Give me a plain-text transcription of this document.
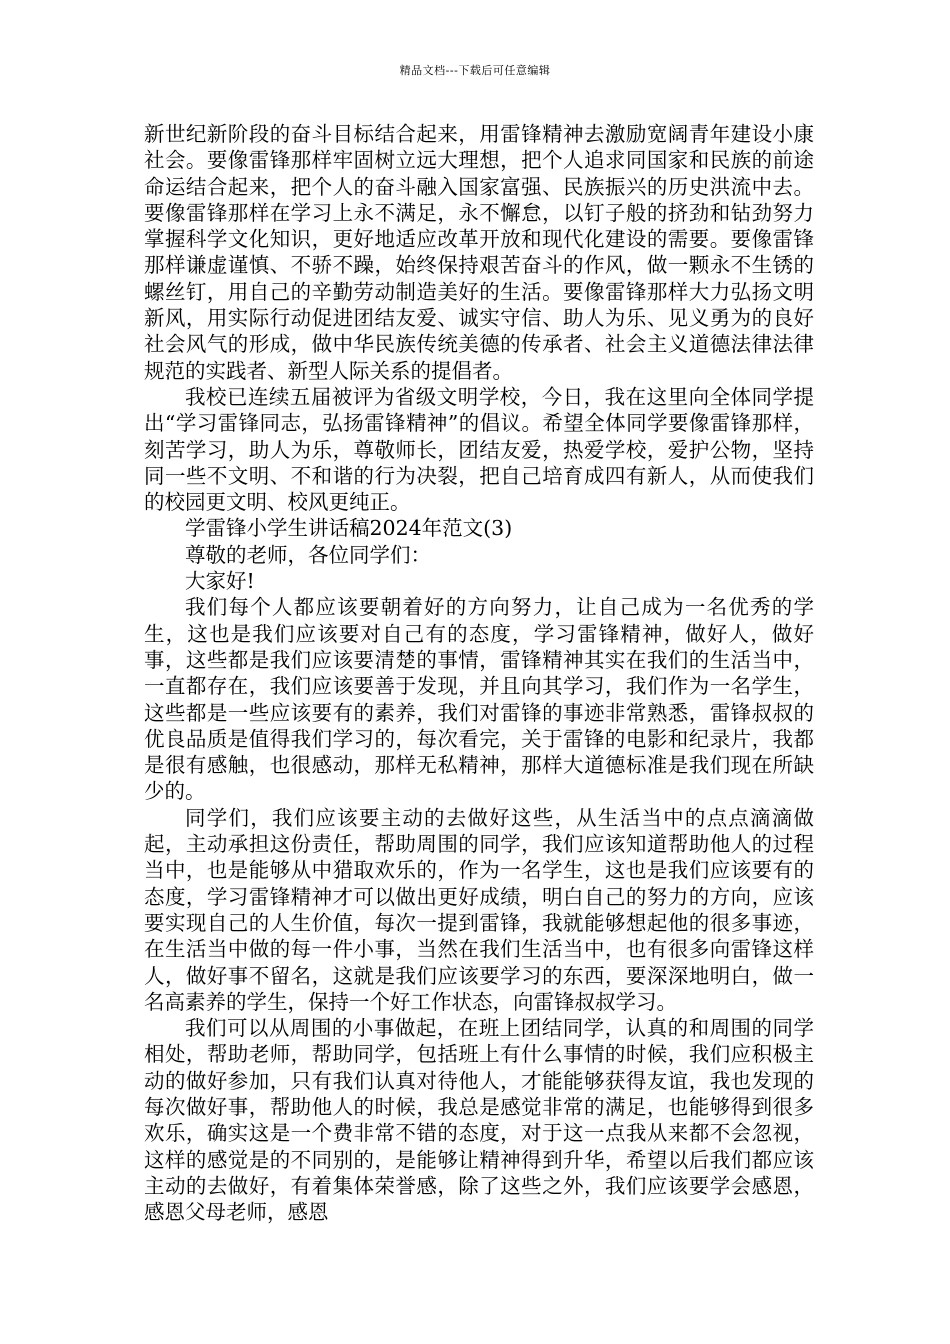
精品文档---下载后可任意编辑

新世纪新阶段的奋斗目标结合起来，用雷锋精神去激励宽阔青年建设小康社会。要像雷锋那样牢固树立远大理想，把个人追求同国家和民族的前途命运结合起来，把个人的奋斗融入国家富强、民族振兴的历史洪流中去。要像雷锋那样在学习上永不满足，永不懈怠，以钉子般的挤劲和钻劲努力掌握科学文化知识，更好地适应改革开放和现代化建设的需要。要像雷锋那样谦虚谨慎、不骄不躁，始终保持艰苦奋斗的作风，做一颗永不生锈的螺丝钉，用自己的辛勤劳动制造美好的生活。要像雷锋那样大力弘扬文明新风，用实际行动促进团结友爱、诚实守信、助人为乐、见义勇为的良好社会风气的形成，做中华民族传统美德的传承者、社会主义道德法律法律规范的实践者、新型人际关系的提倡者。

我校已连续五届被评为省级文明学校，今日，我在这里向全体同学提出“学习雷锋同志，弘扬雷锋精神”的倡议。希望全体同学要像雷锋那样，刻苦学习，助人为乐，尊敬师长，团结友爱，热爱学校，爱护公物，坚持同一些不文明、不和谐的行为决裂，把自己培育成四有新人，从而使我们的校园更文明、校风更纯正。

学雷锋小学生讲话稿2024年范文(3)

尊敬的老师，各位同学们：

大家好!

我们每个人都应该要朝着好的方向努力，让自己成为一名优秀的学生，这也是我们应该要对自己有的态度，学习雷锋精神，做好人，做好事，这些都是我们应该要清楚的事情，雷锋精神其实在我们的生活当中，一直都存在，我们应该要善于发现，并且向其学习，我们作为一名学生，这些都是一些应该要有的素养，我们对雷锋的事迹非常熟悉，雷锋叔叔的优良品质是值得我们学习的，每次看完，关于雷锋的电影和纪录片，我都是很有感触，也很感动，那样无私精神，那样大道德标准是我们现在所缺少的。

同学们，我们应该要主动的去做好这些，从生活当中的点点滴滴做起，主动承担这份责任，帮助周围的同学，我们应该知道帮助他人的过程当中，也是能够从中猎取欢乐的，作为一名学生，这也是我们应该要有的态度，学习雷锋精神才可以做出更好成绩，明白自己的努力的方向，应该要实现自己的人生价值，每次一提到雷锋，我就能够想起他的很多事迹，在生活当中做的每一件小事，当然在我们生活当中，也有很多向雷锋这样人，做好事不留名，这就是我们应该要学习的东西，要深深地明白，做一名高素养的学生，保持一个好工作状态，向雷锋叔叔学习。

我们可以从周围的小事做起，在班上团结同学，认真的和周围的同学相处，帮助老师，帮助同学，包括班上有什么事情的时候，我们应积极主动的做好参加，只有我们认真对待他人，才能能够获得友谊，我也发现的每次做好事，帮助他人的时候，我总是感觉非常的满足，也能够得到很多欢乐，确实这是一个费非常不错的态度，对于这一点我从来都不会忽视，这样的感觉是的不同别的，是能够让精神得到升华，希望以后我们都应该主动的去做好，有着集体荣誉感，除了这些之外，我们应该要学会感恩，感恩父母老师，感恩
